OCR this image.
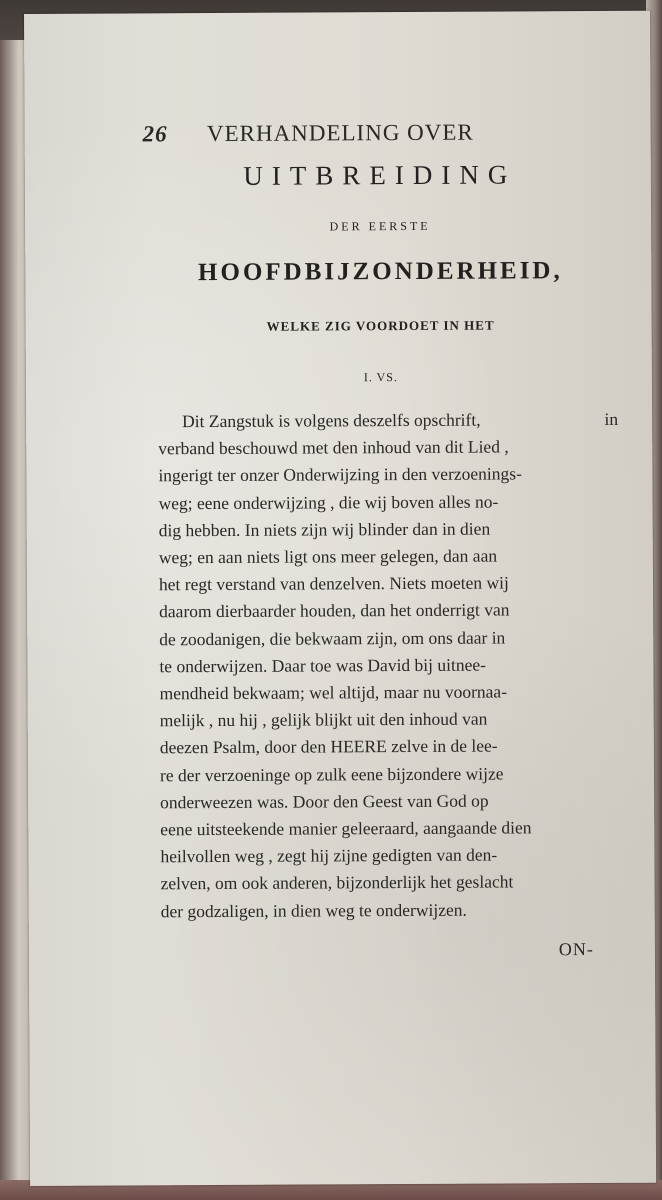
26 VERHANDELING OVER
UITBREIDING
DER EERSTE
HOOFDBIJZONDERHEID,
WELKE ZIG VOORDOET IN HET
I. VS.
Dit Zangstuk is volgens deszelfs opschrift,	in
verband beschouwd met den inhoud van dit Lied ,
ingerigt ter onzer Onderwijzing in den verzoenings-
weg; eene onderwijzing , die wij boven alles no-
dig hebben. In niets zijn wij blinder dan in dien
weg; en aan niets ligt ons meer gelegen, dan aan
het regt verstand van denzelven. Niets moeten wij
daarom dierbaarder houden, dan het onderrigt van
de zoodanigen, die bekwaam zijn, om ons daar in
te onderwijzen. Daar toe was David bij uitnee-
mendheid bekwaam; wel altijd, maar nu voornaa-
melijk , nu hij , gelijk blijkt uit den inhoud van
deezen Psalm, door den HEERE zelve in de lee-
re der verzoeninge op zulk eene bijzondere wijze
onderweezen was. Door den Geest van God op
eene uitsteekende manier geleeraard, aangaande dien
heilvollen weg , zegt hij zijne gedigten van den-
zelven, om ook anderen, bijzonderlijk het geslacht
der godzaligen, in dien weg te onderwijzen.
ON-
